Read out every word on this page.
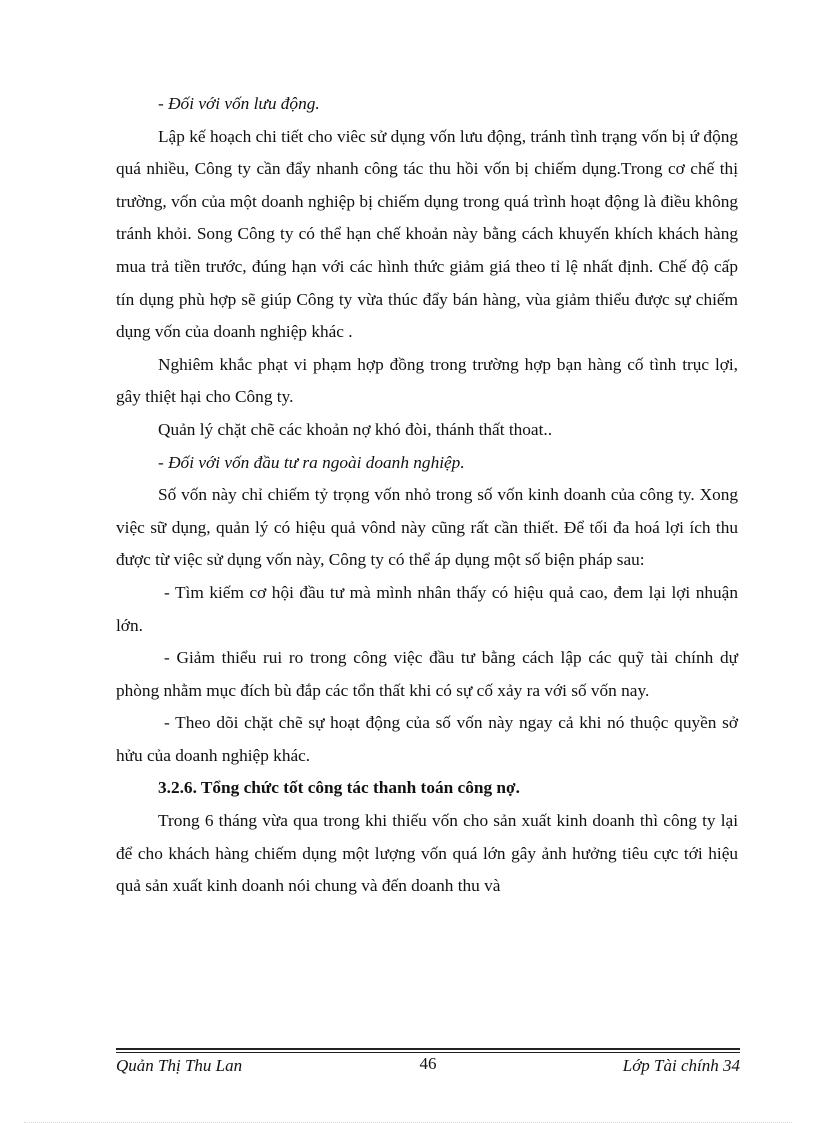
- Đối với vốn lưu động.

Lập kế hoạch chi tiết cho viêc sử dụng vốn lưu động, tránh tình trạng vốn bị ứ động quá nhiều, Công ty cần đẩy nhanh công tác thu hồi vốn bị chiếm dụng.Trong cơ chế thị trường, vốn của một doanh nghiệp bị chiếm dụng trong quá trình hoạt động là điều không tránh khỏi. Song Công ty có thể hạn chế khoản này bằng cách khuyến khích khách hàng mua trả tiền trước, đúng hạn với các hình thức giảm giá theo tỉ lệ nhất định. Chế độ cấp tín dụng phù hợp sẽ giúp Công ty vừa thúc đẩy bán hàng, vùa giảm thiểu được sự chiếm dụng vốn của doanh nghiệp khác .

Nghiêm khắc phạt vi phạm hợp đồng trong trường hợp bạn hàng cố tình trục lợi, gây thiệt hại cho Công ty.

Quản lý chặt chẽ các khoản nợ khó đòi, thánh thất thoat..

- Đối với vốn đầu tư ra ngoài doanh nghiệp.

Số vốn này chỉ chiếm tỷ trọng vốn nhỏ trong số vốn kinh doanh của công ty. Xong việc sữ dụng, quản lý có hiệu quả vônd này cũng rất cần thiết. Để tối đa hoá lợi ích thu được từ việc sử dụng vốn này, Công ty có thể áp dụng một số biện pháp sau:

- Tìm kiếm cơ hội đầu tư mà mình nhân thấy có hiệu quả cao, đem lại lợi nhuận lớn.

- Giảm thiểu rui ro trong công việc đầu tư bằng cách lập các quỹ tài chính dự phòng nhằm mục đích bù đắp các tổn thất khi có sự cố xảy ra với số vốn nay.

- Theo dõi chặt chẽ sự hoạt động của số vốn này ngay cả khi nó thuộc quyền sở hửu của doanh nghiệp khác.

3.2.6. Tổng chức tốt công tác thanh toán công nợ.

Trong 6 tháng vừa qua trong khi thiếu vốn cho sản xuất kinh doanh thì công ty lại để cho khách hàng chiếm dụng một lượng vốn quá lớn gây ảnh hưởng tiêu cực tới hiệu quả sản xuất kinh doanh nói chung và đến doanh thu và

Quản Thị Thu Lan	46	Lớp Tài chính 34
